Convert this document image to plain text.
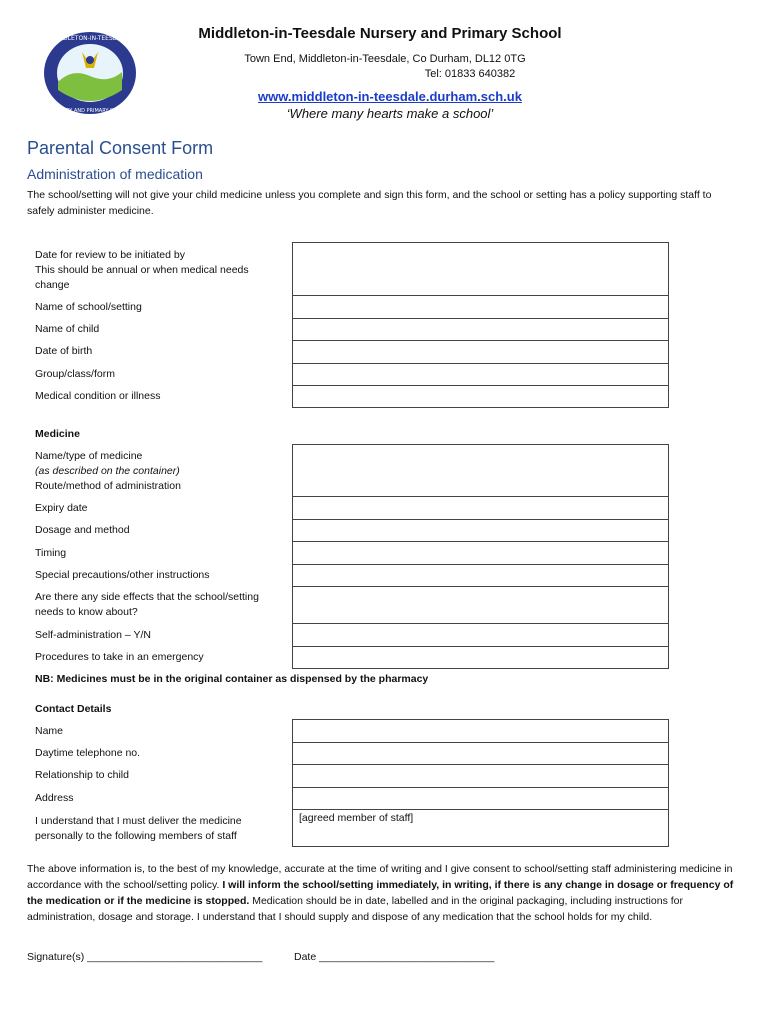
MIDDLETON-IN-TEESDALE
NURSERY AND PRIMARY SCHOOL
Middleton-in-Teesdale Nursery and Primary School
Town End, Middleton-in-Teesdale, Co Durham, DL12 0TG
Tel: 01833 640382
www.middleton-in-teesdale.durham.sch.uk
‘Where many hearts make a school’
Parental Consent Form
Administration of medication
The school/setting will not give your child medicine unless you complete and sign this form, and the school or setting has a policy supporting staff to safely administer medicine.
Date for review to be initiated by
This should be annual or when medical needs change
Name of school/setting
Name of child
Date of birth
Group/class/form
Medical condition or illness
Medicine
Name/type of medicine
(as described on the container)
Route/method of administration
Expiry date
Dosage and method
Timing
Special precautions/other instructions
Are there any side effects that the school/setting needs to know about?
Self-administration – Y/N
Procedures to take in an emergency
NB: Medicines must be in the original container as dispensed by the pharmacy
Contact Details
Name
Daytime telephone no.
Relationship to child
Address
I understand that I must deliver the medicine personally to the following members of staff
[agreed member of staff]
The above information is, to the best of my knowledge, accurate at the time of writing and I give consent to school/setting staff administering medicine in accordance with the school/setting policy. I will inform the school/setting immediately, in writing, if there is any change in dosage or frequency of the medication or if the medicine is stopped. Medication should be in date, labelled and in the original packaging, including instructions for administration, dosage and storage. I understand that I should supply and dispose of any medication that the school holds for my child.
Signature(s) ______________________________	Date ______________________________
